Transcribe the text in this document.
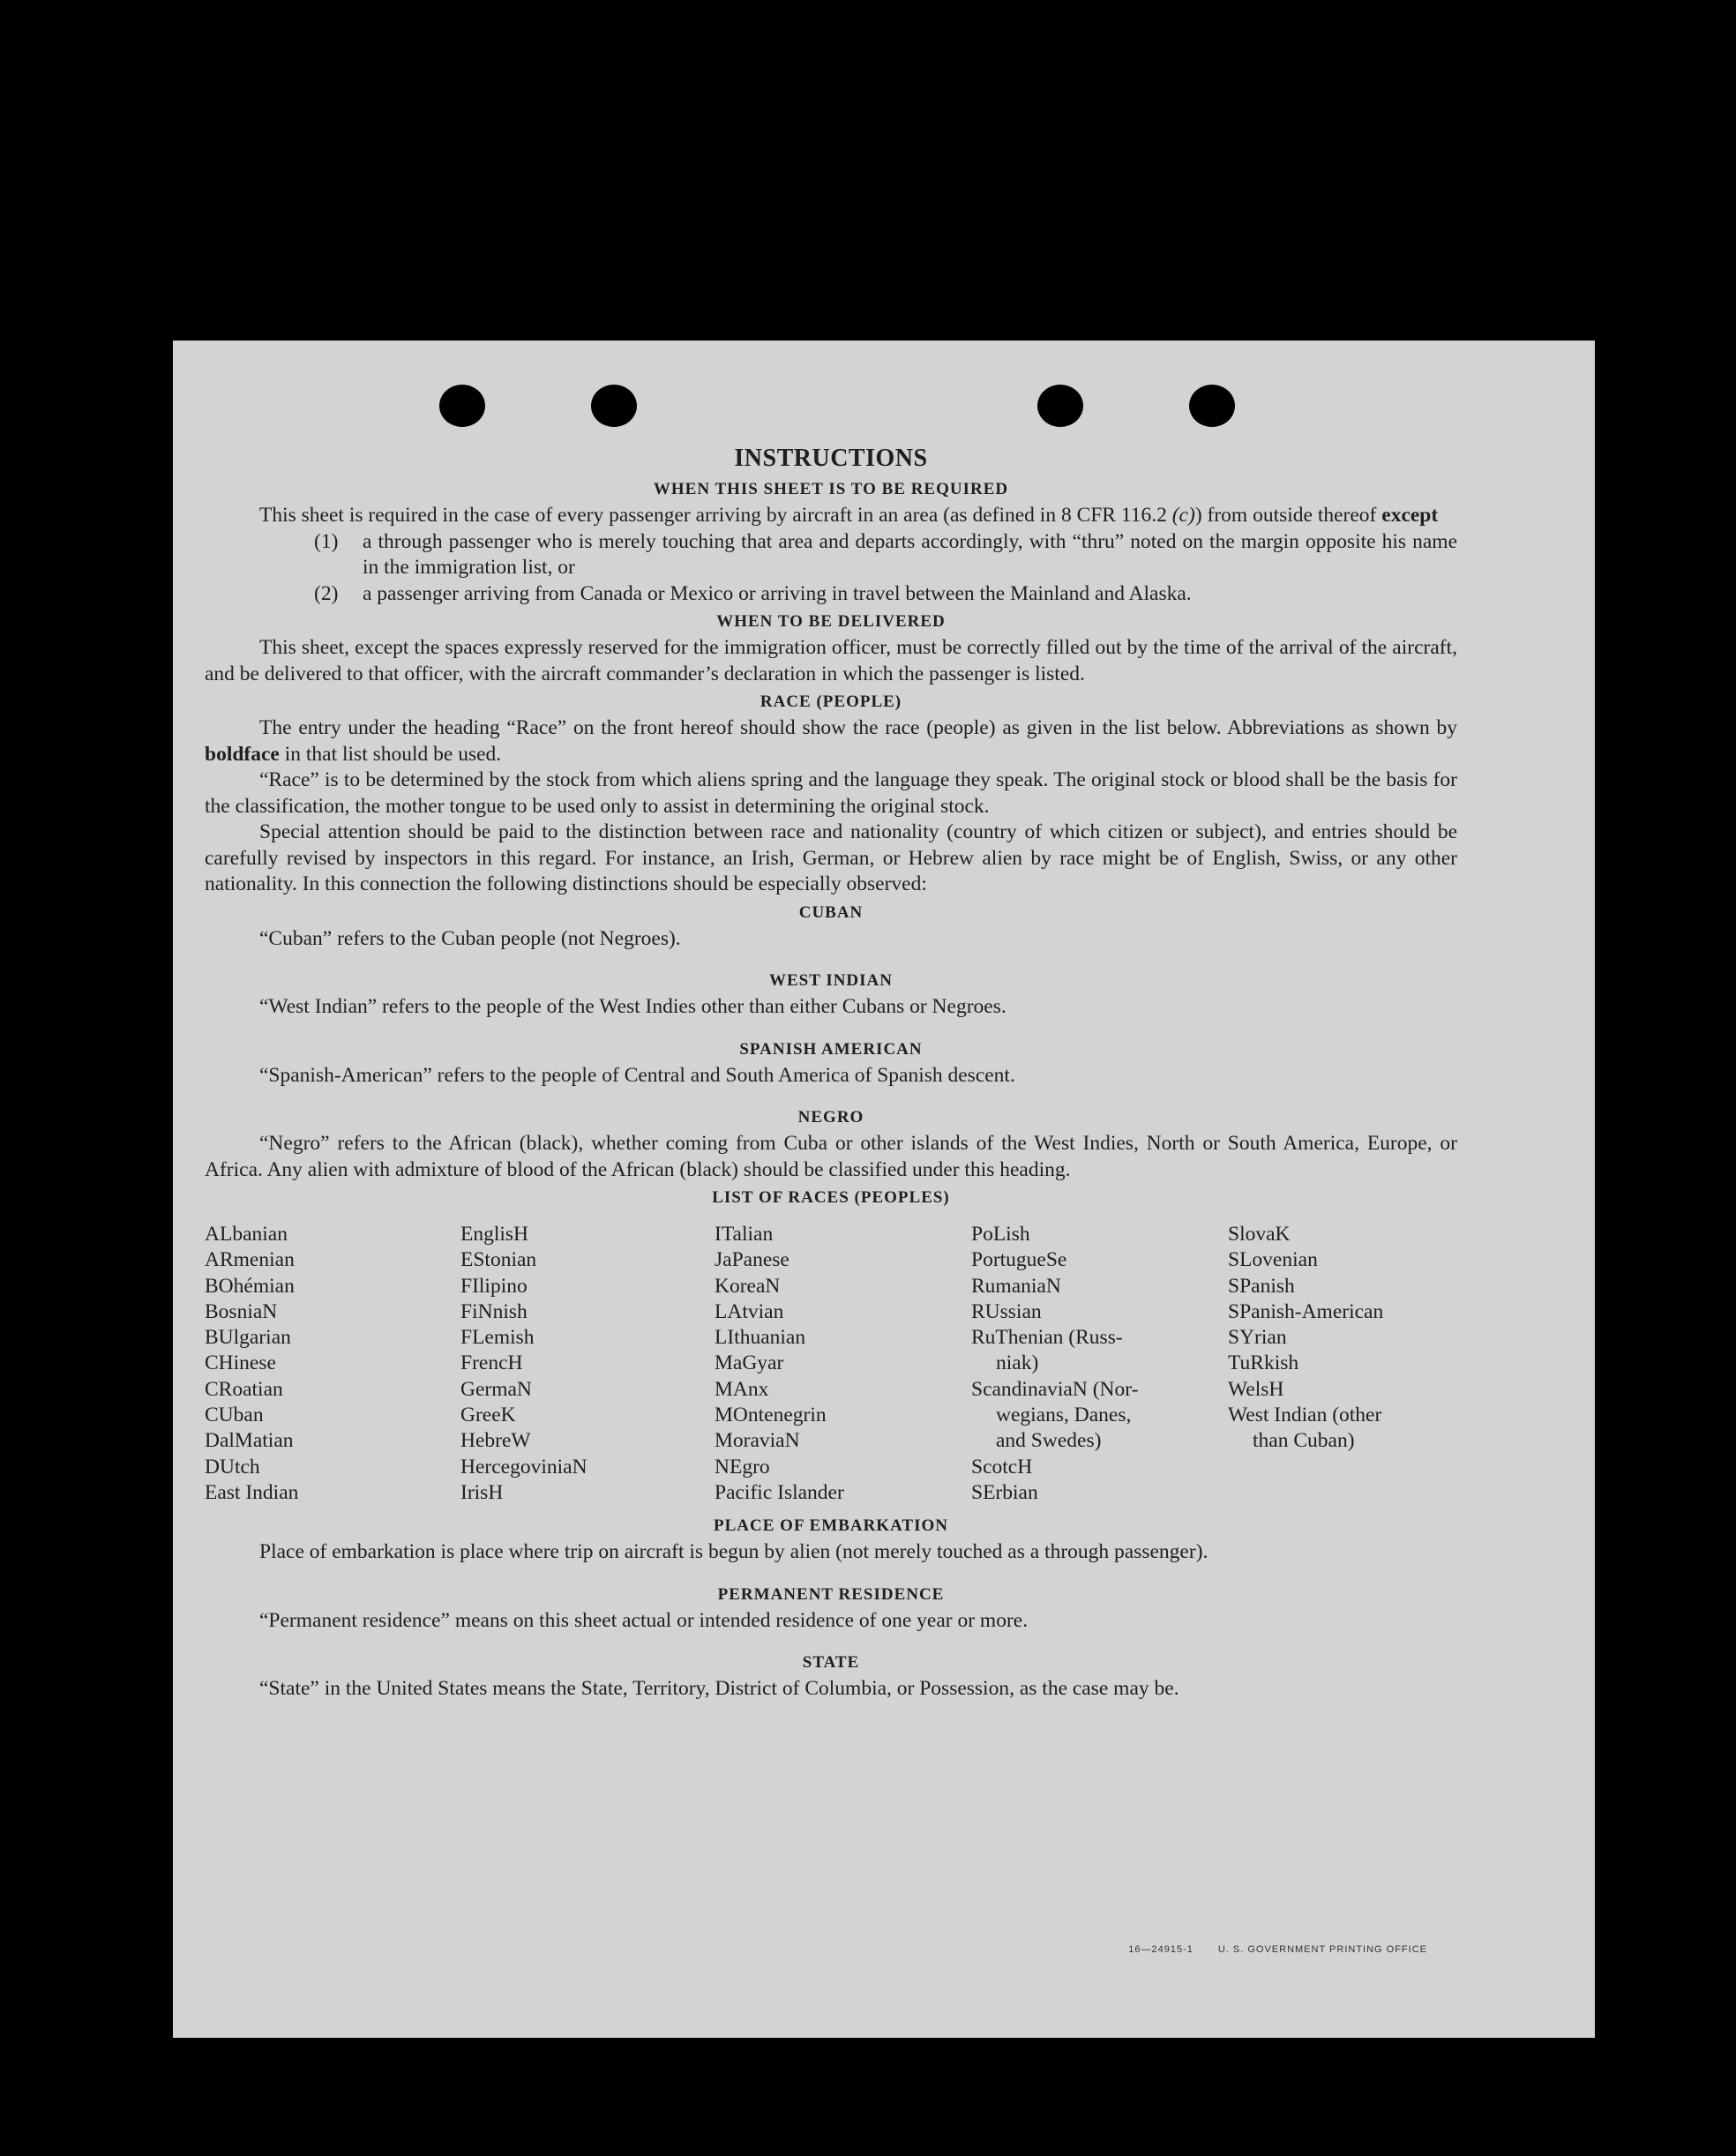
INSTRUCTIONS
WHEN THIS SHEET IS TO BE REQUIRED

This sheet is required in the case of every passenger arriving by aircraft in an area (as defined in 8 CFR 116.2 (c)) from outside thereof except

(1)	a through passenger who is merely touching that area and departs accordingly, with “thru” noted on the margin opposite his name in the immigration list, or
(2)	a passenger arriving from Canada or Mexico or arriving in travel between the Mainland and Alaska.
WHEN TO BE DELIVERED

This sheet, except the spaces expressly reserved for the immigration officer, must be correctly filled out by the time of the arrival of the aircraft, and be delivered to that officer, with the aircraft commander’s declaration in which the passenger is listed.

RACE (PEOPLE)

The entry under the heading “Race” on the front hereof should show the race (people) as given in the list below. Abbreviations as shown by boldface in that list should be used.

“Race” is to be determined by the stock from which aliens spring and the language they speak. The original stock or blood shall be the basis for the classification, the mother tongue to be used only to assist in determining the original stock.

Special attention should be paid to the distinction between race and nationality (country of which citizen or subject), and entries should be carefully revised by inspectors in this regard. For instance, an Irish, German, or Hebrew alien by race might be of English, Swiss, or any other nationality. In this connection the following distinctions should be especially observed:

CUBAN

“Cuban” refers to the Cuban people (not Negroes).

WEST INDIAN

“West Indian” refers to the people of the West Indies other than either Cubans or Negroes.

SPANISH AMERICAN

“Spanish-American” refers to the people of Central and South America of Spanish descent.

NEGRO

“Negro” refers to the African (black), whether coming from Cuba or other islands of the West Indies, North or South America, Europe, or Africa. Any alien with admixture of blood of the African (black) should be classified under this heading.

LIST OF RACES (PEOPLES)
ALbanian
ARmenian
BOhémian
BosniaN
BUlgarian
CHinese
CRoatian
CUban
DalMatian
DUtch
East Indian
EnglisH
EStonian
FIlipino
FiNnish
FLemish
FrencH
GermaN
GreeK
HebreW
HercegoviniaN
IrisH
ITalian
JaPanese
KoreaN
LAtvian
LIthuanian
MaGyar
MAnx
MOntenegrin
MoraviaN
NEgro
Pacific Islander
PoLish
PortugueSe
RumaniaN
RUssian
RuThenian (Russ-
niak)
ScandinaviaN (Nor-
wegians, Danes,
and Swedes)
ScotcH
SErbian
SlovaK
SLovenian
SPanish
SPanish-American
SYrian
TuRkish
WelsH
West Indian (other
than Cuban)
PLACE OF EMBARKATION

Place of embarkation is place where trip on aircraft is begun by alien (not merely touched as a through passenger).

PERMANENT RESIDENCE

“Permanent residence” means on this sheet actual or intended residence of one year or more.

STATE

“State” in the United States means the State, Territory, District of Columbia, or Possession, as the case may be.

16—24915-1	U. S. GOVERNMENT PRINTING OFFICE
